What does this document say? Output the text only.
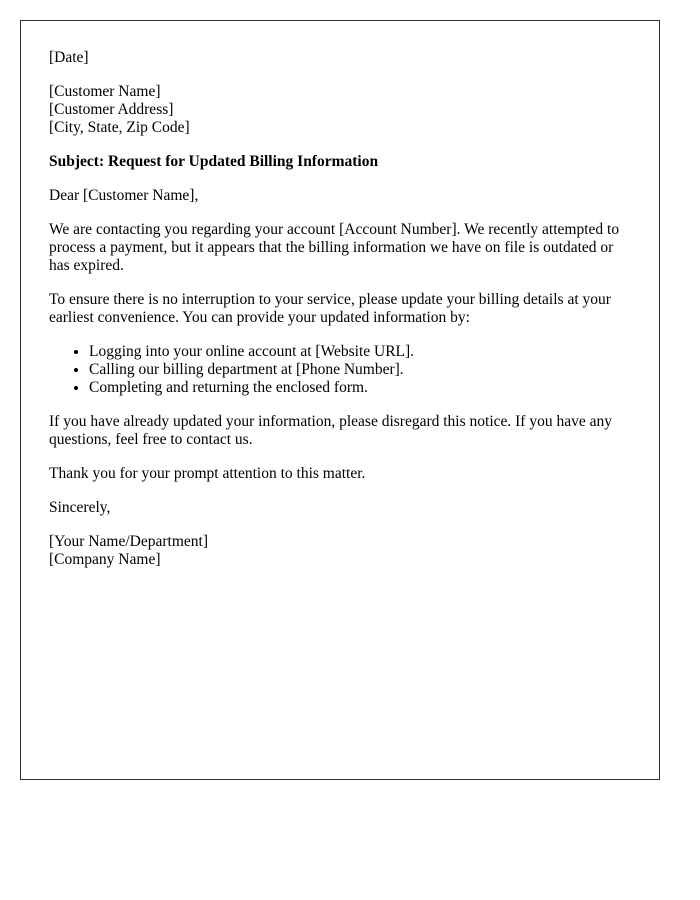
[Date]
[Customer Name]
[Customer Address]
[City, State, Zip Code]
Subject: Request for Updated Billing Information
Dear [Customer Name],

We are contacting you regarding your account [Account Number]. We recently attempted to process a payment, but it appears that the billing information we have on file is outdated or has expired.

To ensure there is no interruption to your service, please update your billing details at your earliest convenience. You can provide your updated information by:

• Logging into your online account at [Website URL].
• Calling our billing department at [Phone Number].
• Completing and returning the enclosed form.

If you have already updated your information, please disregard this notice. If you have any questions, feel free to contact us.

Thank you for your prompt attention to this matter.

Sincerely,
[Your Name/Department]
[Company Name]
